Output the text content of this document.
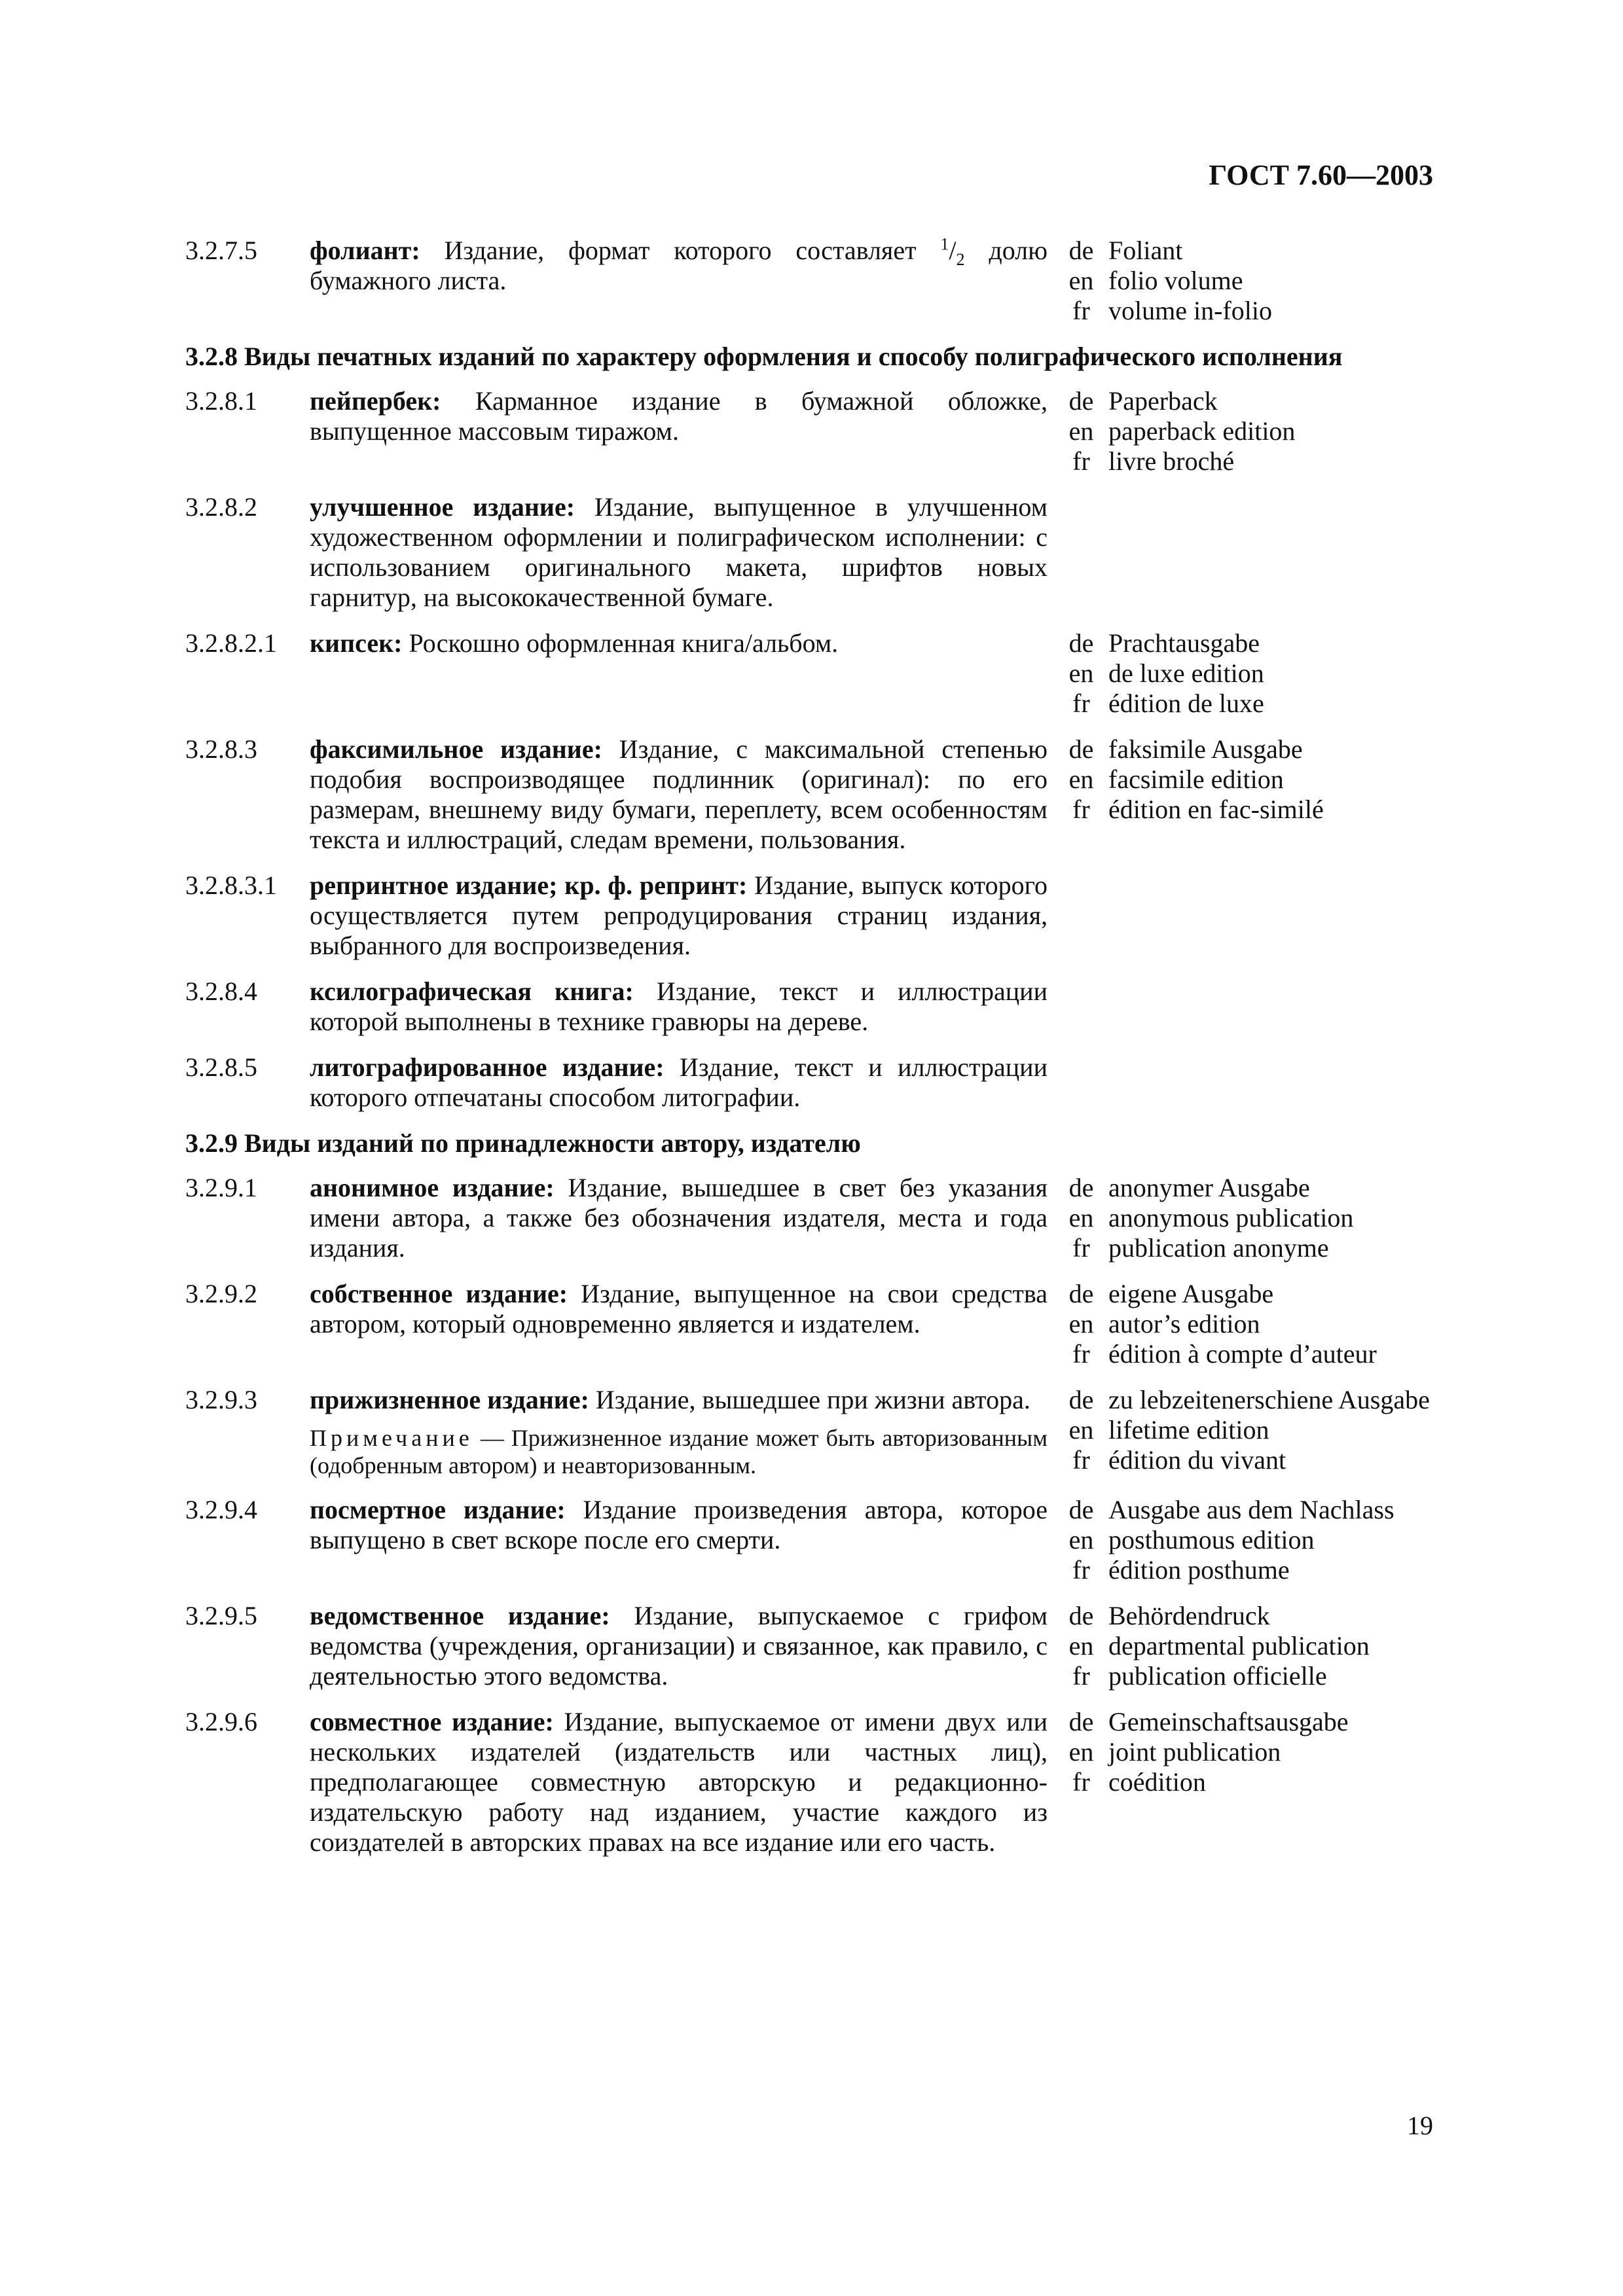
ГОСТ 7.60—2003
3.2.7.5	фолиант: Издание, формат которого составляет $^1/_2$ долю бумажного листа.
de Foliant
en folio volume
fr volume in-folio
3.2.8 Виды печатных изданий по характеру оформления и способу полиграфического исполнения
3.2.8.1	пейпербек: Карманное издание в бумажной обложке, выпущенное массовым тиражом.
de Paperback
en paperback edition
fr livre broché
3.2.8.2	улучшенное издание: Издание, выпущенное в улучшенном художественном оформлении и полиграфическом исполнении: с использованием оригинального макета, шрифтов новых гарнитур, на высококачественной бумаге.
3.2.8.2.1	кипсек: Роскошно оформленная книга/альбом.	de Prachtausgabe
en de luxe edition
fr édition de luxe
3.2.8.3	факсимильное издание: Издание, с максимальной степенью подобия воспроизводящее подлинник (оригинал): по его размерам, внешнему виду бумаги, переплету, всем особенностям текста и иллюстраций, следам времени, пользования.
de faksimile Ausgabe
en facsimile edition
fr édition en fac-similé
3.2.8.3.1	репринтное издание; кр. ф. репринт: Издание, выпуск которого осуществляется путем репродуцирования страниц издания, выбранного для воспроизведения.
3.2.8.4	ксилографическая книга: Издание, текст и иллюстрации которой выполнены в технике гравюры на дереве.
3.2.8.5	литографированное издание: Издание, текст и иллюстрации которого отпечатаны способом литографии.
3.2.9 Виды изданий по принадлежности автору, издателю
3.2.9.1	анонимное издание: Издание, вышедшее в свет без указания имени автора, а также без обозначения издателя, места и года издания.
de anonymer Ausgabe
en anonymous publication
fr publication anonyme
3.2.9.2	собственное издание: Издание, выпущенное на свои средства автором, который одновременно является и издателем.
de eigene Ausgabe
en autor’s edition
fr édition à compte d’auteur
3.2.9.3	прижизненное издание: Издание, вышедшее при жизни автора.
Примечание — Прижизненное издание может быть авторизованным (одобренным автором) и неавторизованным.
de zu lebzeitenerschiene Ausgabe
en lifetime edition
fr édition du vivant
3.2.9.4	посмертное издание: Издание произведения автора, которое выпущено в свет вскоре после его смерти.
de Ausgabe aus dem Nachlass
en posthumous edition
fr édition posthume
3.2.9.5	ведомственное издание: Издание, выпускаемое с грифом ведомства (учреждения, организации) и связанное, как правило, с деятельностью этого ведомства.
de Behördendruck
en departmental publication
fr publication officielle
3.2.9.6	совместное издание: Издание, выпускаемое от имени двух или нескольких издателей (издательств или частных лиц), предполагающее совместную авторскую и редакционно-издательскую работу над изданием, участие каждого из соиздателей в авторских правах на все издание или его часть.
de Gemeinschaftsausgabe
en joint publication
fr coédition
19
